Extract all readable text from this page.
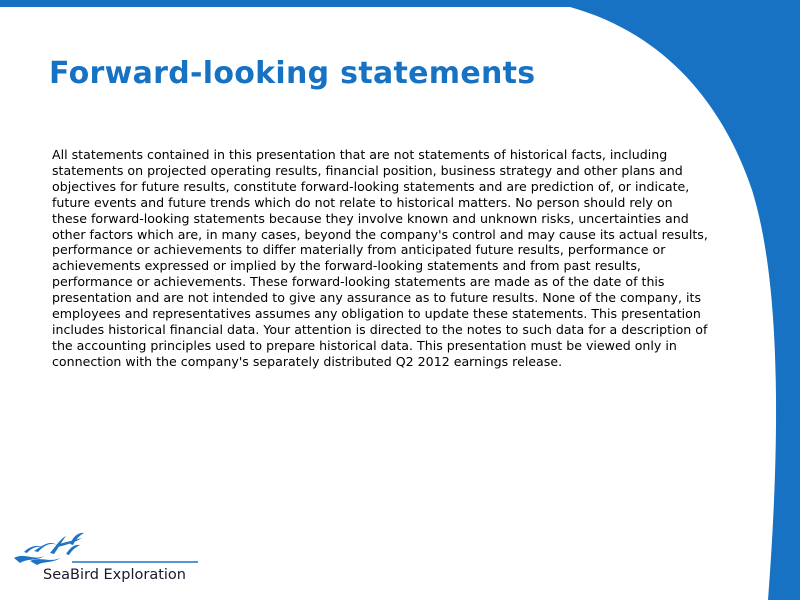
Forward-looking statements

All statements contained in this presentation that are not statements of historical facts, including
statements on projected operating results, financial position, business strategy and other plans and
objectives for future results, constitute forward-looking statements and are prediction of, or indicate,
future events and future trends which do not relate to historical matters. No person should rely on
these forward-looking statements because they involve known and unknown risks, uncertainties and
other factors which are, in many cases, beyond the company's control and may cause its actual results,
performance or achievements to differ materially from anticipated future results, performance or
achievements expressed or implied by the forward-looking statements and from past results,
performance or achievements. These forward-looking statements are made as of the date of this
presentation and are not intended to give any assurance as to future results. None of the company, its
employees and representatives assumes any obligation to update these statements. This presentation
includes historical financial data. Your attention is directed to the notes to such data for a description of
the accounting principles used to prepare historical data. This presentation must be viewed only in
connection with the company's separately distributed Q2 2012 earnings release.

SeaBird Exploration
